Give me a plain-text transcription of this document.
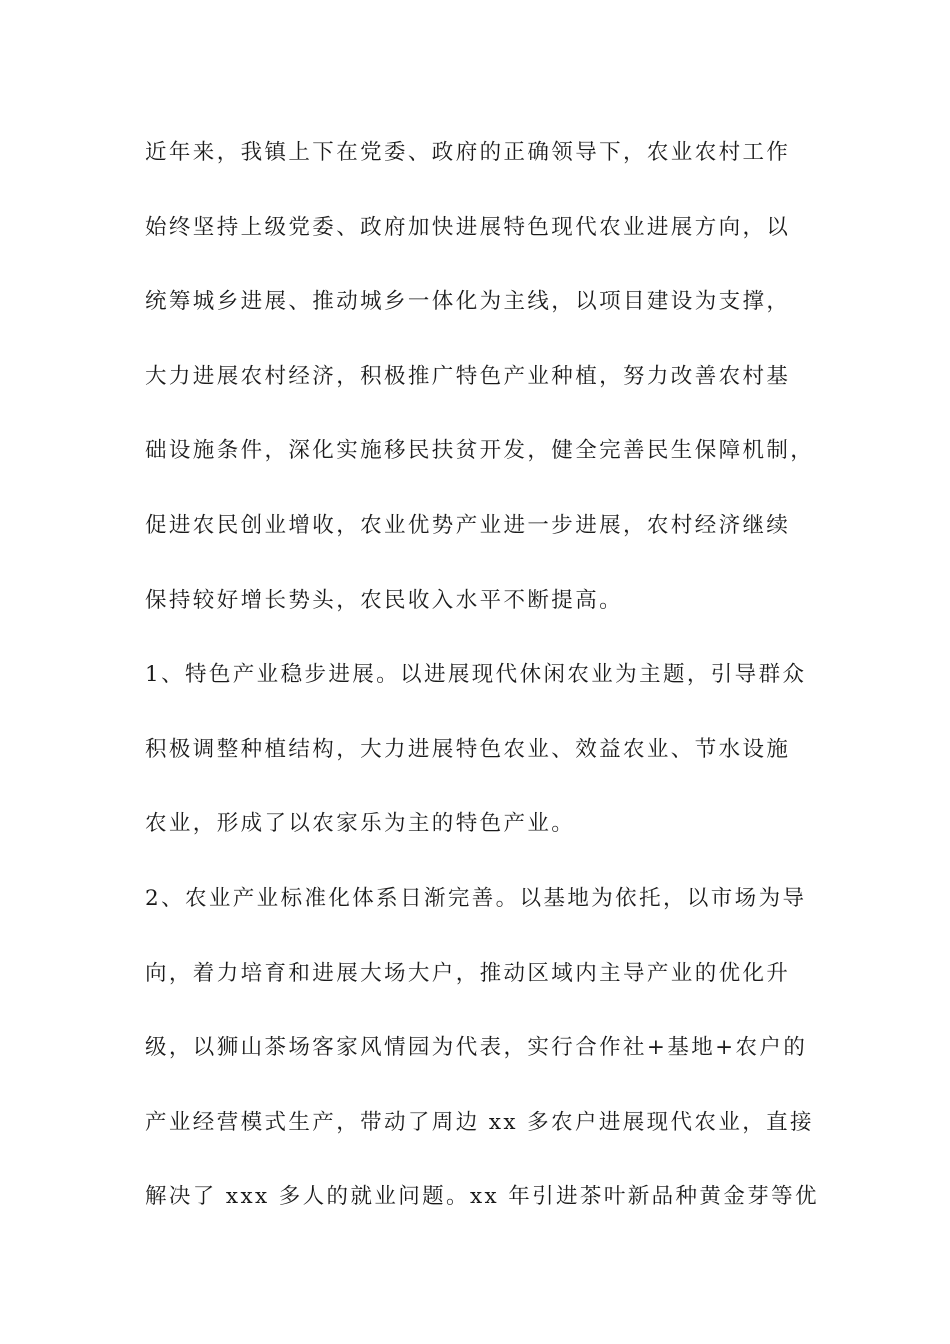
近年来，我镇上下在党委、政府的正确领导下，农业农村工作
始终坚持上级党委、政府加快进展特色现代农业进展方向，以
统筹城乡进展、推动城乡一体化为主线，以项目建设为支撑，
大力进展农村经济，积极推广特色产业种植，努力改善农村基
础设施条件，深化实施移民扶贫开发，健全完善民生保障机制，
促进农民创业增收，农业优势产业进一步进展，农村经济继续
保持较好增长势头，农民收入水平不断提高。
1、特色产业稳步进展。以进展现代休闲农业为主题，引导群众
积极调整种植结构，大力进展特色农业、效益农业、节水设施
农业，形成了以农家乐为主的特色产业。
2、农业产业标准化体系日渐完善。以基地为依托，以市场为导
向，着力培育和进展大场大户，推动区域内主导产业的优化升
级，以狮山茶场客家风情园为代表，实行合作社+基地+农户的
产业经营模式生产，带动了周边 xx 多农户进展现代农业，直接
解决了 xxx 多人的就业问题。xx 年引进茶叶新品种黄金芽等优
